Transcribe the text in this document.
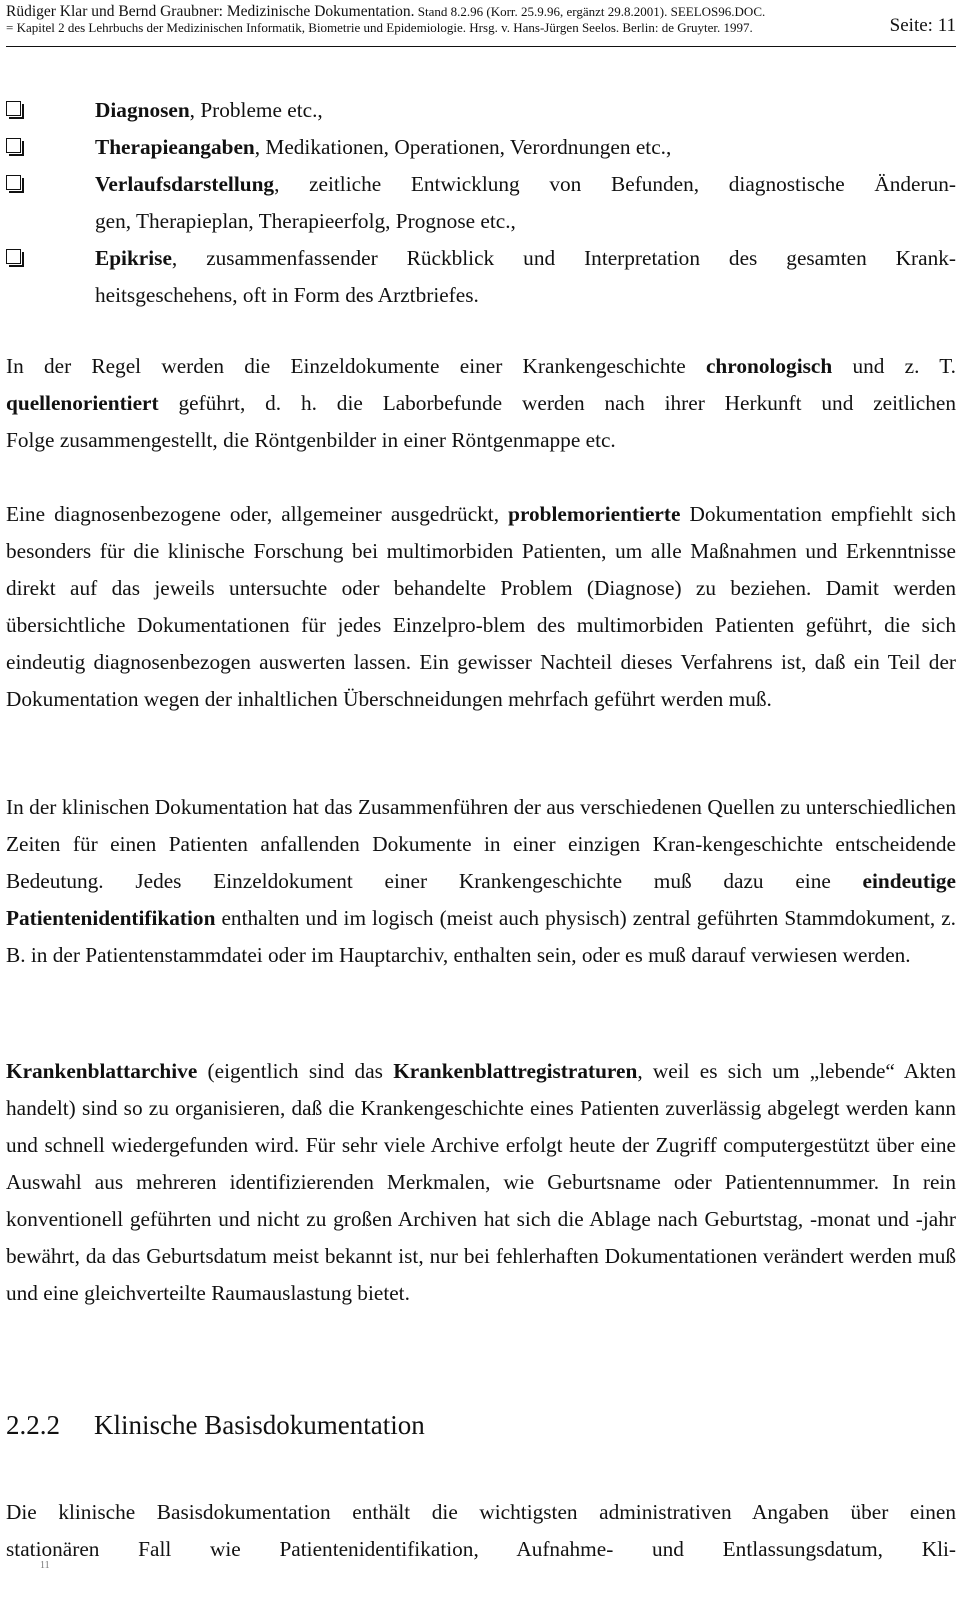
Rüdiger Klar und Bernd Graubner: Medizinische Dokumentation. Stand 8.2.96 (Korr. 25.9.96, ergänzt 29.8.2001). SEELOS96.DOC.
= Kapitel 2 des Lehrbuchs der Medizinischen Informatik, Biometrie und Epidemiologie. Hrsg. v. Hans-Jürgen Seelos. Berlin: de Gruyter. 1997.	Seite: 11
Diagnosen, Probleme etc.,
Therapieangaben, Medikationen, Operationen, Verordnungen etc.,
Verlaufsdarstellung, zeitliche Entwicklung von Befunden, diagnostische Änderun-
gen, Therapieplan, Therapieerfolg, Prognose etc.,
Epikrise, zusammenfassender Rückblick und Interpretation des gesamten Krank-
heitsgeschehens, oft in Form des Arztbriefes.
In der Regel werden die Einzeldokumente einer Krankengeschichte chronologisch und z. T.
quellenorientiert geführt, d. h. die Laborbefunde werden nach ihrer Herkunft und zeitlichen
Folge zusammengestellt, die Röntgenbilder in einer Röntgenmappe etc.
Eine diagnosenbezogene oder, allgemeiner ausgedrückt, problemorientierte Dokumentation empfiehlt sich besonders für die klinische Forschung bei multimorbiden Patienten, um alle Maßnahmen und Erkenntnisse direkt auf das jeweils untersuchte oder behandelte Problem (Diagnose) zu beziehen. Damit werden übersichtliche Dokumentationen für jedes Einzelpro-blem des multimorbiden Patienten geführt, die sich eindeutig diagnosenbezogen auswerten lassen. Ein gewisser Nachteil dieses Verfahrens ist, daß ein Teil der Dokumentation wegen der inhaltlichen Überschneidungen mehrfach geführt werden muß.
In der klinischen Dokumentation hat das Zusammenführen der aus verschiedenen Quellen zu unterschiedlichen Zeiten für einen Patienten anfallenden Dokumente in einer einzigen Kran-kengeschichte entscheidende Bedeutung. Jedes Einzeldokument einer Krankengeschichte muß dazu eine eindeutige Patientenidentifikation enthalten und im logisch (meist auch physisch) zentral geführten Stammdokument, z. B. in der Patientenstammdatei oder im Hauptarchiv, enthalten sein, oder es muß darauf verwiesen werden.
Krankenblattarchive (eigentlich sind das Krankenblattregistraturen, weil es sich um „lebende“ Akten handelt) sind so zu organisieren, daß die Krankengeschichte eines Patienten zuverlässig abgelegt werden kann und schnell wiedergefunden wird. Für sehr viele Archive erfolgt heute der Zugriff computergestützt über eine Auswahl aus mehreren identifizierenden Merkmalen, wie Geburtsname oder Patientennummer. In rein konventionell geführten und nicht zu großen Archiven hat sich die Ablage nach Geburtstag, -monat und -jahr bewährt, da das Geburtsdatum meist bekannt ist, nur bei fehlerhaften Dokumentationen verändert werden muß und eine gleichverteilte Raumauslastung bietet.
2.2.2 Klinische Basisdokumentation
Die klinische Basisdokumentation enthält die wichtigsten administrativen Angaben über einen
stationären Fall wie Patientenidentifikation, Aufnahme- und Entlassungsdatum, Kli-
11
